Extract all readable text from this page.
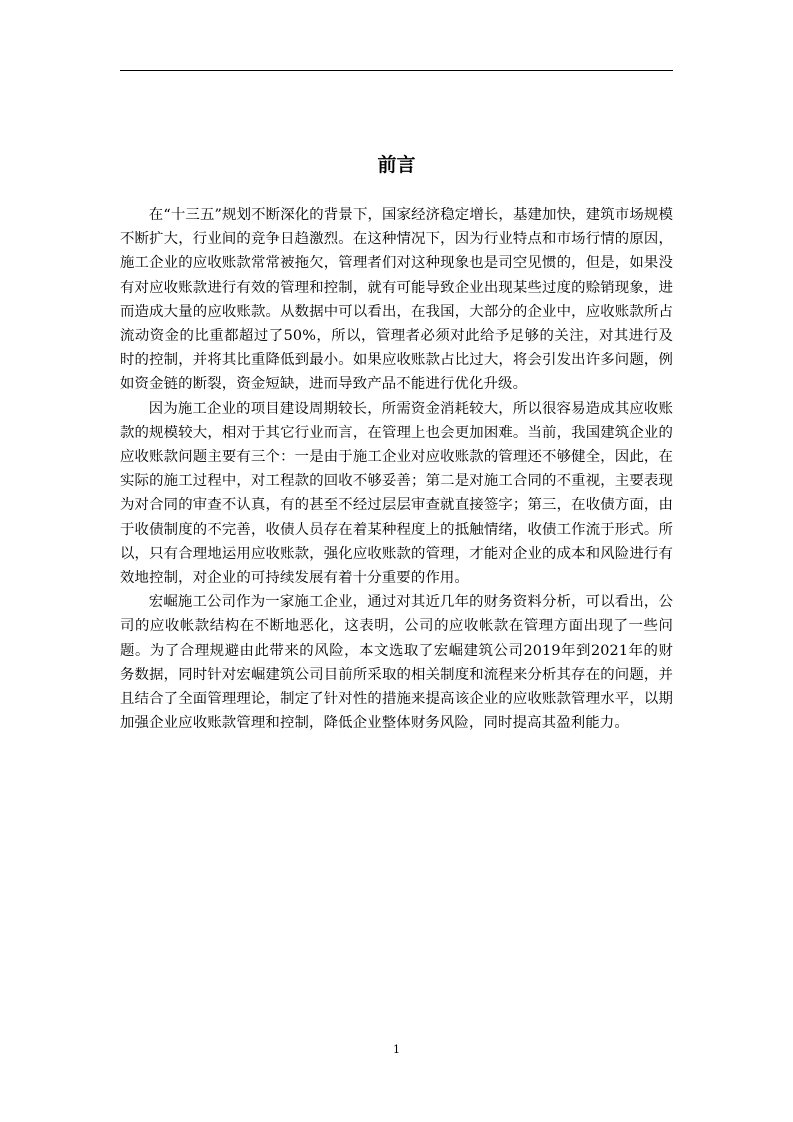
前言

在“十三五”规划不断深化的背景下，国家经济稳定增长，基建加快，建筑市场规模不断扩大，行业间的竞争日趋激烈。在这种情况下，因为行业特点和市场行情的原因，施工企业的应收账款常常被拖欠，管理者们对这种现象也是司空见惯的，但是，如果没有对应收账款进行有效的管理和控制，就有可能导致企业出现某些过度的赊销现象，进而造成大量的应收账款。从数据中可以看出，在我国，大部分的企业中，应收账款所占流动资金的比重都超过了50%，所以，管理者必须对此给予足够的关注，对其进行及时的控制，并将其比重降低到最小。如果应收账款占比过大，将会引发出许多问题，例如资金链的断裂，资金短缺，进而导致产品不能进行优化升级。

因为施工企业的项目建设周期较长，所需资金消耗较大，所以很容易造成其应收账款的规模较大，相对于其它行业而言，在管理上也会更加困难。当前，我国建筑企业的应收账款问题主要有三个：一是由于施工企业对应收账款的管理还不够健全，因此，在实际的施工过程中，对工程款的回收不够妥善；第二是对施工合同的不重视，主要表现为对合同的审查不认真，有的甚至不经过层层审查就直接签字；第三，在收债方面，由于收债制度的不完善，收债人员存在着某种程度上的抵触情绪，收债工作流于形式。所以，只有合理地运用应收账款，强化应收账款的管理，才能对企业的成本和风险进行有效地控制，对企业的可持续发展有着十分重要的作用。

宏崛施工公司作为一家施工企业，通过对其近几年的财务资料分析，可以看出，公司的应收帐款结构在不断地恶化，这表明，公司的应收帐款在管理方面出现了一些问题。为了合理规避由此带来的风险，本文选取了宏崛建筑公司2019年到2021年的财务数据，同时针对宏崛建筑公司目前所采取的相关制度和流程来分析其存在的问题，并且结合了全面管理理论，制定了针对性的措施来提高该企业的应收账款管理水平，以期加强企业应收账款管理和控制，降低企业整体财务风险，同时提高其盈利能力。

1
